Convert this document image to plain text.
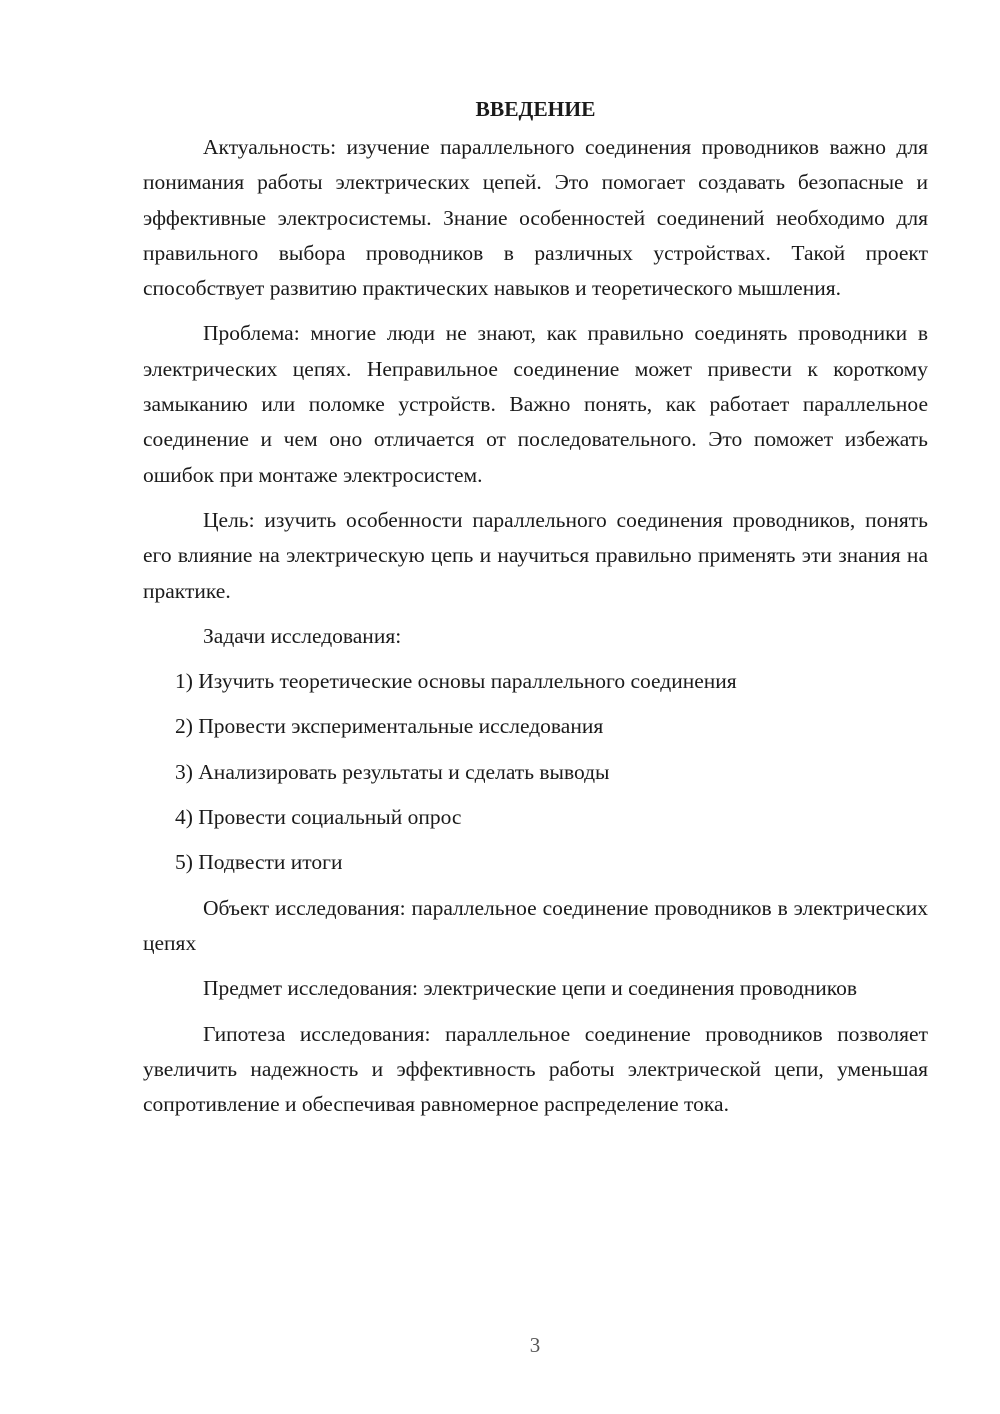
ВВЕДЕНИЕ

Актуальность: изучение параллельного соединения проводников важно для понимания работы электрических цепей. Это помогает создавать безопасные и эффективные электросистемы. Знание особенностей соединений необходимо для правильного выбора проводников в различных устройствах. Такой проект способствует развитию практических навыков и теоретического мышления.

Проблема: многие люди не знают, как правильно соединять проводники в электрических цепях. Неправильное соединение может привести к короткому замыканию или поломке устройств. Важно понять, как работает параллельное соединение и чем оно отличается от последовательного. Это поможет избежать ошибок при монтаже электросистем.

Цель: изучить особенности параллельного соединения проводников, понять его влияние на электрическую цепь и научиться правильно применять эти знания на практике.

Задачи исследования:

1) Изучить теоретические основы параллельного соединения
2) Провести экспериментальные исследования
3) Анализировать результаты и сделать выводы
4) Провести социальный опрос
5) Подвести итоги

Объект исследования: параллельное соединение проводников в электрических цепях

Предмет исследования: электрические цепи и соединения проводников

Гипотеза исследования: параллельное соединение проводников позволяет увеличить надежность и эффективность работы электрической цепи, уменьшая сопротивление и обеспечивая равномерное распределение тока.

3
